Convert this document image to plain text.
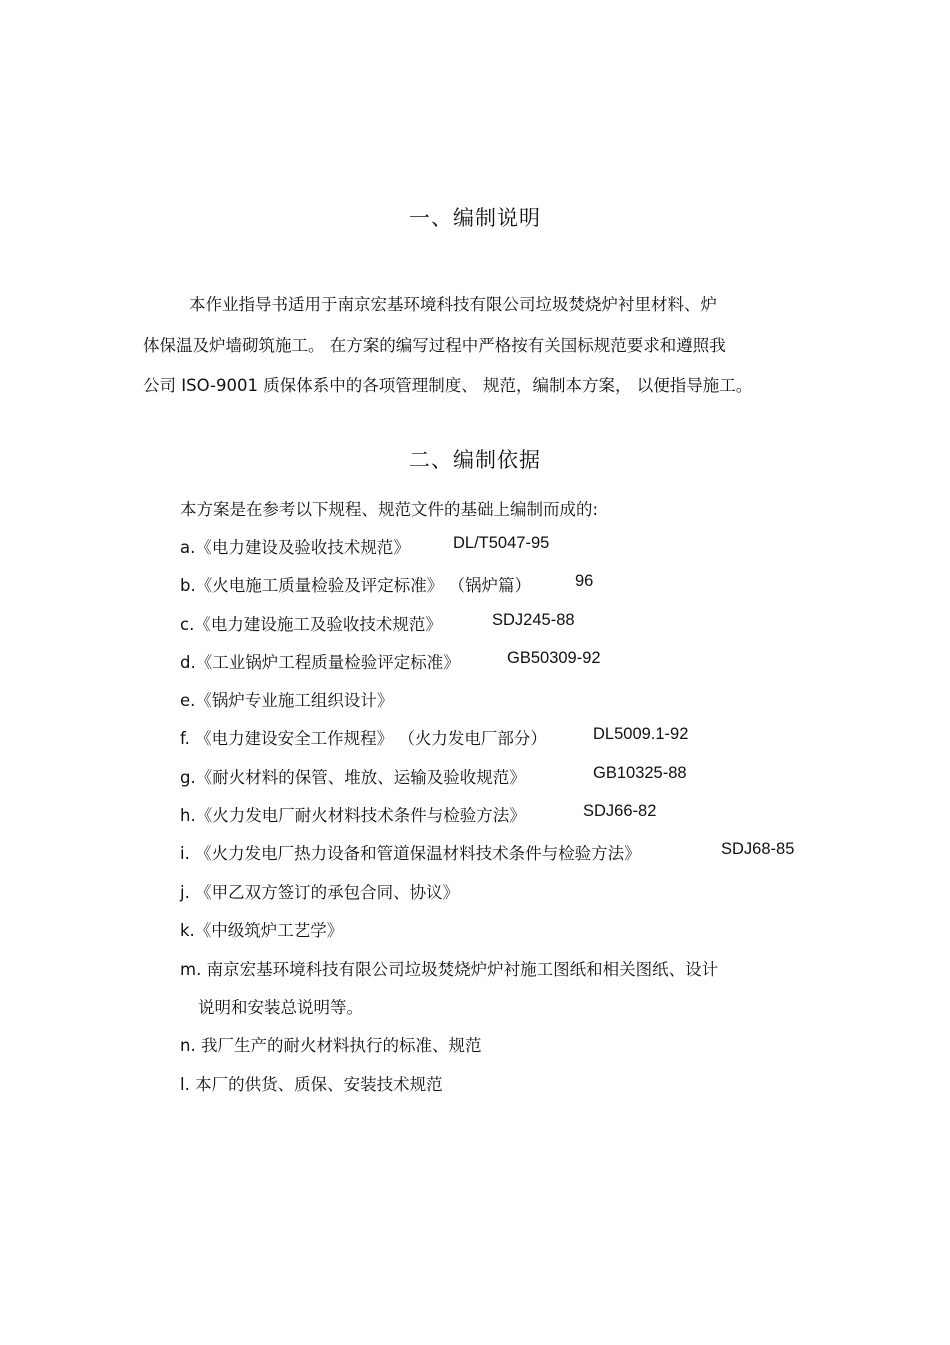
一、编制说明
本作业指导书适用于南京宏基环境科技有限公司垃圾焚烧炉衬里材料、炉
体保温及炉墙砌筑施工。 在方案的编写过程中严格按有关国标规范要求和遵照我
公司 ISO-9001 质保体系中的各项管理制度、 规范，编制本方案， 以便指导施工。
二、编制依据
本方案是在参考以下规程、规范文件的基础上编制而成的:
a.《电力建设及验收技术规范》	DL/T5047-95
b.《火电施工质量检验及评定标准》 （锅炉篇）	96
c.《电力建设施工及验收技术规范》	SDJ245-88
d.《工业锅炉工程质量检验评定标准》	GB50309-92
e.《锅炉专业施工组织设计》
f. 《电力建设安全工作规程》 （火力发电厂部分）	DL5009.1-92
g.《耐火材料的保管、堆放、运输及验收规范》	GB10325-88
h.《火力发电厂耐火材料技术条件与检验方法》	SDJ66-82
i. 《火力发电厂热力设备和管道保温材料技术条件与检验方法》	SDJ68-85
j. 《甲乙双方签订的承包合同、协议》
k.《中级筑炉工艺学》
m. 南京宏基环境科技有限公司垃圾焚烧炉炉衬施工图纸和相关图纸、设计
说明和安装总说明等。
n. 我厂生产的耐火材料执行的标准、规范
l. 本厂的供货、质保、安装技术规范
